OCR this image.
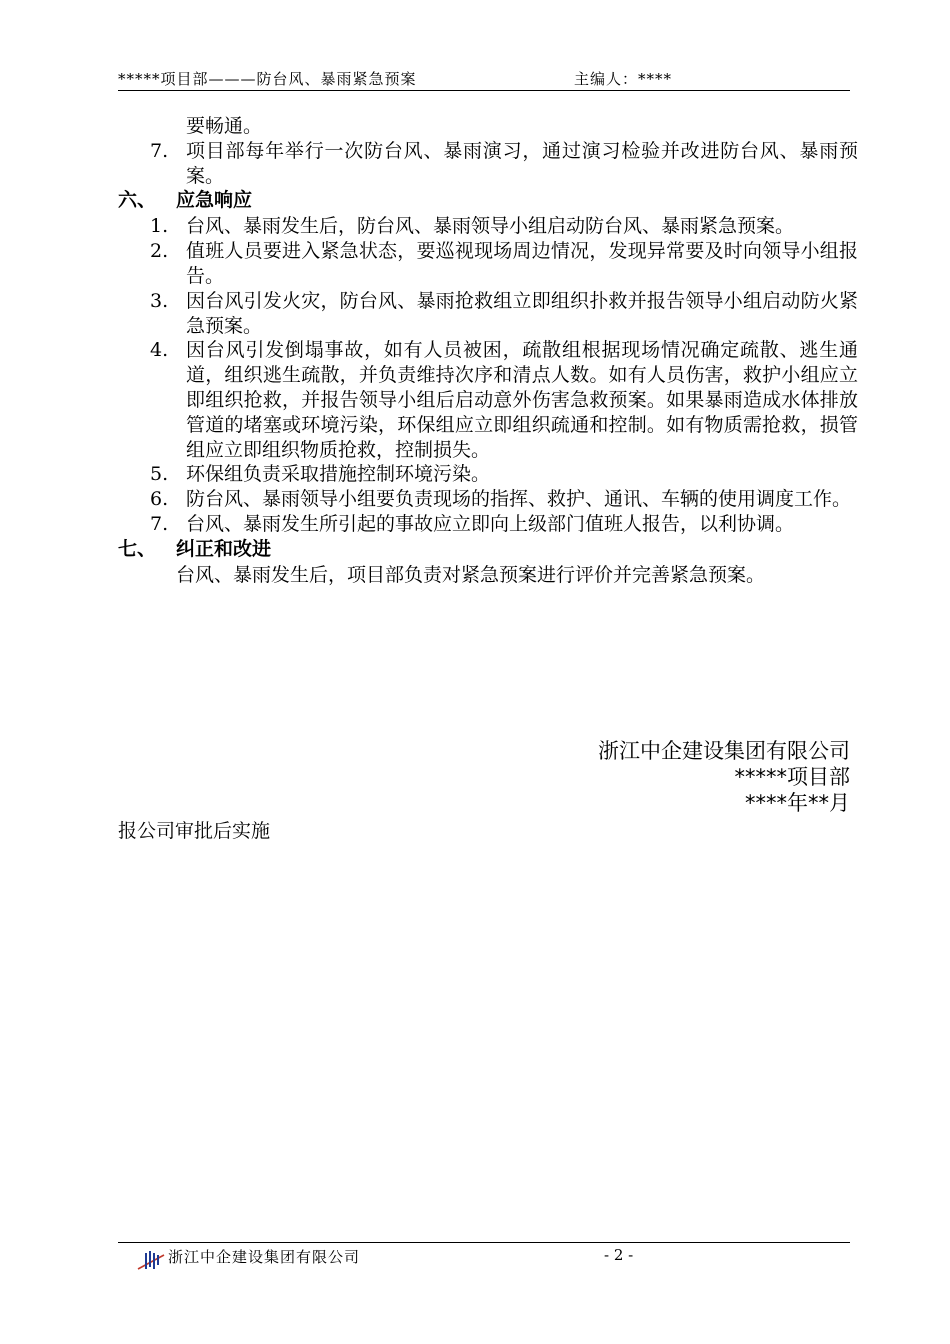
*****项目部———防台风、暴雨紧急预案	主编人：****
要畅通。
7. 项目部每年举行一次防台风、暴雨演习，通过演习检验并改进防台风、暴雨预案。
六、 应急响应
1. 台风、暴雨发生后，防台风、暴雨领导小组启动防台风、暴雨紧急预案。
2. 值班人员要进入紧急状态，要巡视现场周边情况，发现异常要及时向领导小组报告。
3. 因台风引发火灾，防台风、暴雨抢救组立即组织扑救并报告领导小组启动防火紧急预案。
4. 因台风引发倒塌事故，如有人员被困，疏散组根据现场情况确定疏散、逃生通道，组织逃生疏散，并负责维持次序和清点人数。如有人员伤害，救护小组应立即组织抢救，并报告领导小组后启动意外伤害急救预案。如果暴雨造成水体排放管道的堵塞或环境污染，环保组应立即组织疏通和控制。如有物质需抢救，损管组应立即组织物质抢救，控制损失。
5. 环保组负责采取措施控制环境污染。
6. 防台风、暴雨领导小组要负责现场的指挥、救护、通讯、车辆的使用调度工作。
7. 台风、暴雨发生所引起的事故应立即向上级部门值班人报告，以利协调。
七、 纠正和改进
台风、暴雨发生后，项目部负责对紧急预案进行评价并完善紧急预案。
浙江中企建设集团有限公司
*****项目部
****年**月
报公司审批后实施
浙江中企建设集团有限公司	- 2 -
